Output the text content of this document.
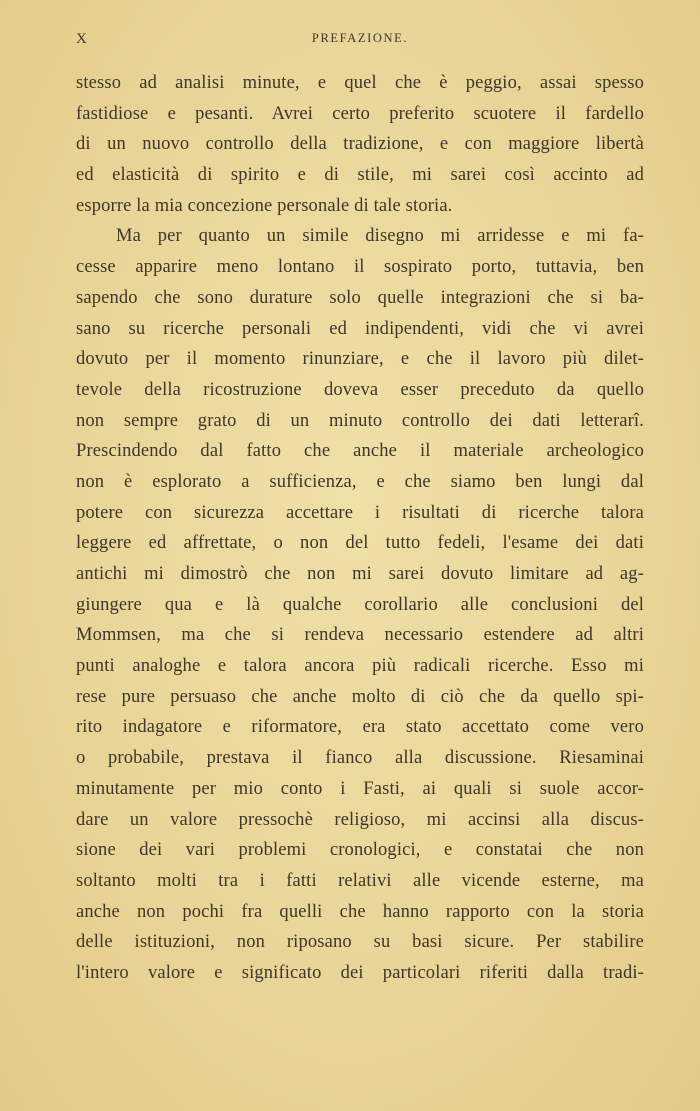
X	PREFAZIONE.
stesso ad analisi minute, e quel che è peggio, assai spesso
fastidiose e pesanti. Avrei certo preferito scuotere il fardello
di un nuovo controllo della tradizione, e con maggiore libertà
ed elasticità di spirito e di stile, mi sarei così accinto ad
esporre la mia concezione personale di tale storia.
Ma per quanto un simile disegno mi arridesse e mi fa-
cesse apparire meno lontano il sospirato porto, tuttavia, ben
sapendo che sono durature solo quelle integrazioni che si ba-
sano su ricerche personali ed indipendenti, vidi che vi avrei
dovuto per il momento rinunziare, e che il lavoro più dilet-
tevole della ricostruzione doveva esser preceduto da quello
non sempre grato di un minuto controllo dei dati letterarî.
Prescindendo dal fatto che anche il materiale archeologico
non è esplorato a sufficienza, e che siamo ben lungi dal
potere con sicurezza accettare i risultati di ricerche talora
leggere ed affrettate, o non del tutto fedeli, l'esame dei dati
antichi mi dimostrò che non mi sarei dovuto limitare ad ag-
giungere qua e là qualche corollario alle conclusioni del
Mommsen, ma che si rendeva necessario estendere ad altri
punti analoghe e talora ancora più radicali ricerche. Esso mi
rese pure persuaso che anche molto di ciò che da quello spi-
rito indagatore e riformatore, era stato accettato come vero
o probabile, prestava il fianco alla discussione. Riesaminai
minutamente per mio conto i Fasti, ai quali si suole accor-
dare un valore pressochè religioso, mi accinsi alla discus-
sione dei vari problemi cronologici, e constatai che non
soltanto molti tra i fatti relativi alle vicende esterne, ma
anche non pochi fra quelli che hanno rapporto con la storia
delle istituzioni, non riposano su basi sicure. Per stabilire
l'intero valore e significato dei particolari riferiti dalla tradi-
